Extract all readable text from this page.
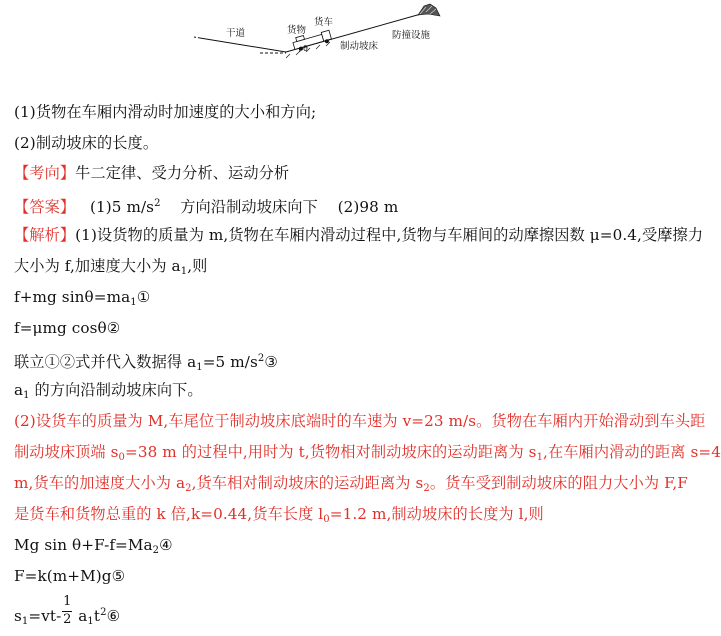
干道	货物
货车
制动坡床
防撞设施
θ
(1)货物在车厢内滑动时加速度的大小和方向;
(2)制动坡床的长度。
【考向】牛二定律、受力分析、运动分析
【答案】 (1)5 $m/s^2$ 方向沿制动坡床向下 (2)98 m
【解析】(1)设货物的质量为 m,货物在车厢内滑动过程中,货物与车厢间的动摩擦因数 μ=0.4,受摩擦力
大小为 f,加速度大小为 $a_1$,则
f+mg $\sin\theta=ma_1①$
f=μmg cosθ②
联立①②式并代入数据得 $a_1=5$ $m/s^2③$
$a_1$ 的方向沿制动坡床向下。
(2)设货车的质量为 M,车尾位于制动坡床底端时的车速为 v=23 m/s。货物在车厢内开始滑动到车头距
制动坡床顶端 $s_0=38$ m 的过程中,用时为 t,货物相对制动坡床的运动距离为 $s_1$,在车厢内滑动的距离 s=4
m,货车的加速度大小为 $a_2$,货车相对制动坡床的运动距离为 $s_2$。货车受到制动坡床的阻力大小为 F,F
是货车和货物总重的 k 倍,k=0.44,货车长度 $l_0=1.2$ m,制动坡床的长度为 l,则
Mg $\sin \theta+F-f=Ma_2④$
F=k(m+M)g⑤
$s_1=vt- \frac{1}{2}$ $a_1t^2⑥$
